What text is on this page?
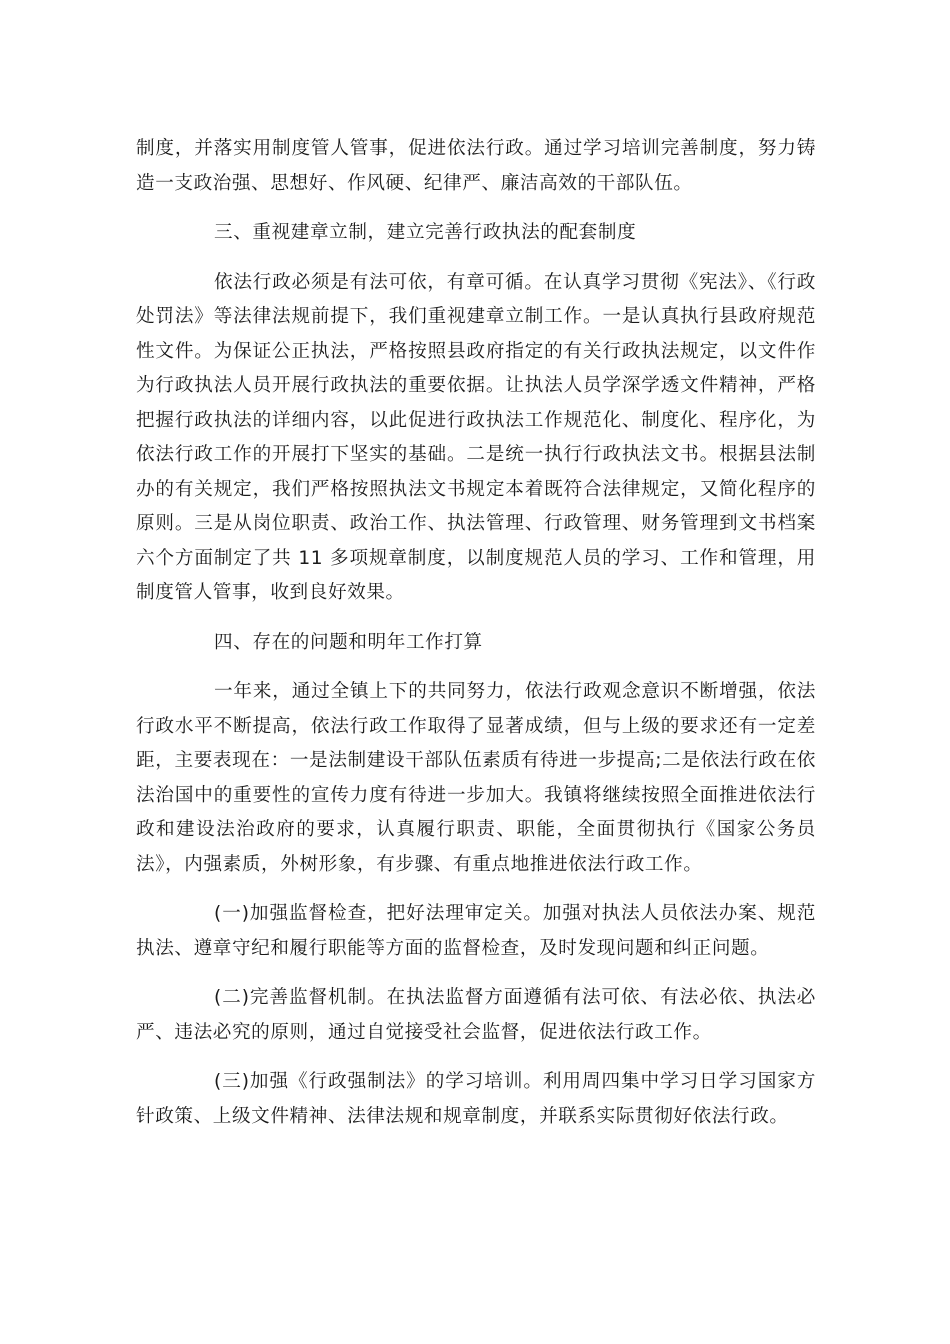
制度，并落实用制度管人管事，促进依法行政。通过学习培训完善制度，努力铸造一支政治强、思想好、作风硬、纪律严、廉洁高效的干部队伍。

三、重视建章立制，建立完善行政执法的配套制度

依法行政必须是有法可依，有章可循。在认真学习贯彻《宪法》、《行政处罚法》等法律法规前提下，我们重视建章立制工作。一是认真执行县政府规范性文件。为保证公正执法，严格按照县政府指定的有关行政执法规定，以文件作为行政执法人员开展行政执法的重要依据。让执法人员学深学透文件精神，严格把握行政执法的详细内容，以此促进行政执法工作规范化、制度化、程序化，为依法行政工作的开展打下坚实的基础。二是统一执行行政执法文书。根据县法制办的有关规定，我们严格按照执法文书规定本着既符合法律规定，又简化程序的原则。三是从岗位职责、政治工作、执法管理、行政管理、财务管理到文书档案六个方面制定了共 11 多项规章制度，以制度规范人员的学习、工作和管理，用制度管人管事，收到良好效果。

四、存在的问题和明年工作打算

一年来，通过全镇上下的共同努力，依法行政观念意识不断增强，依法行政水平不断提高，依法行政工作取得了显著成绩，但与上级的要求还有一定差距，主要表现在：一是法制建设干部队伍素质有待进一步提高;二是依法行政在依法治国中的重要性的宣传力度有待进一步加大。我镇将继续按照全面推进依法行政和建设法治政府的要求，认真履行职责、职能，全面贯彻执行《国家公务员法》，内强素质，外树形象，有步骤、有重点地推进依法行政工作。

(一)加强监督检查，把好法理审定关。加强对执法人员依法办案、规范执法、遵章守纪和履行职能等方面的监督检查，及时发现问题和纠正问题。

(二)完善监督机制。在执法监督方面遵循有法可依、有法必依、执法必严、违法必究的原则，通过自觉接受社会监督，促进依法行政工作。

(三)加强《行政强制法》的学习培训。利用周四集中学习日学习国家方针政策、上级文件精神、法律法规和规章制度，并联系实际贯彻好依法行政。
